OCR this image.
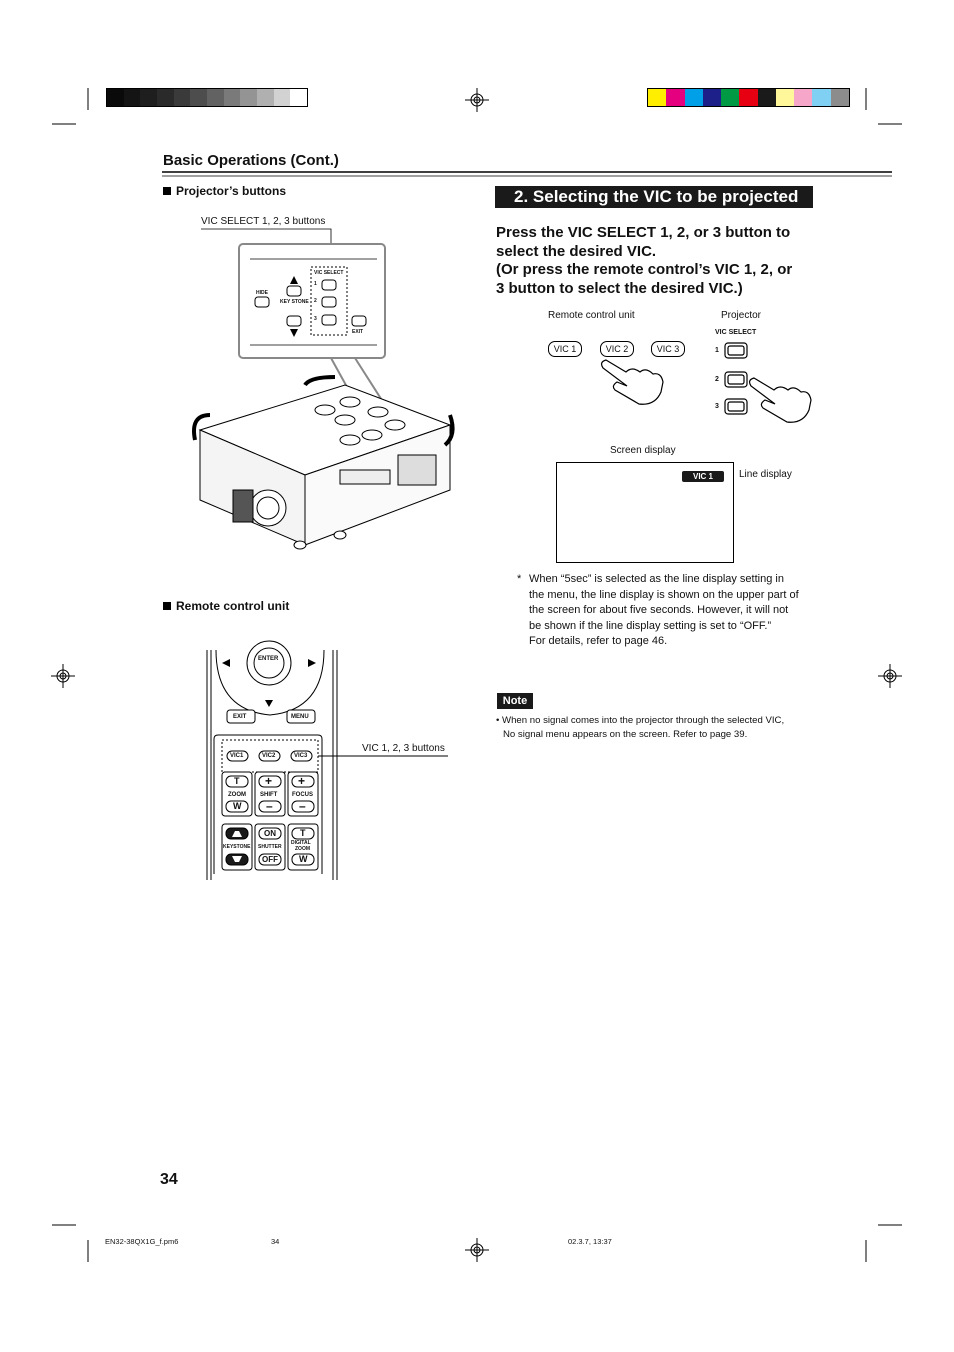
Basic Operations (Cont.)
Projector’s buttons
VIC SELECT 1, 2, 3 buttons
HIDE
KEY STONE
VIC SELECT
1
2
3
EXIT
Remote control unit
ENTER
EXIT	MENU
VIC1	VIC2	VIC3
T
ZOOM
W
+
SHIFT
–
+
FOCUS
–
KEYSTONE
ON
SHUTTER
OFF
T
DIGITAL
ZOOM
W
VIC 1, 2, 3 buttons
2. Selecting the VIC to be projected
Press the VIC SELECT 1, 2, or 3 button to
select the desired VIC.
(Or press the remote control’s VIC 1, 2, or
3 button to select the desired VIC.)
Remote control unit	Projector
VIC SELECT
VIC 1	VIC 2	VIC 3	1
2
3
Screen display
VIC 1	Line display
* When “5sec” is selected as the line display setting in
the menu, the line display is shown on the upper part of
the screen for about five seconds. However, it will not
be shown if the line display setting is set to “OFF.”
For details, refer to page 46.
Note
• When no signal comes into the projector through the selected VIC,
No signal menu appears on the screen. Refer to page 39.
34
EN32-38QX1G_f.pm6	34	02.3.7, 13:37
